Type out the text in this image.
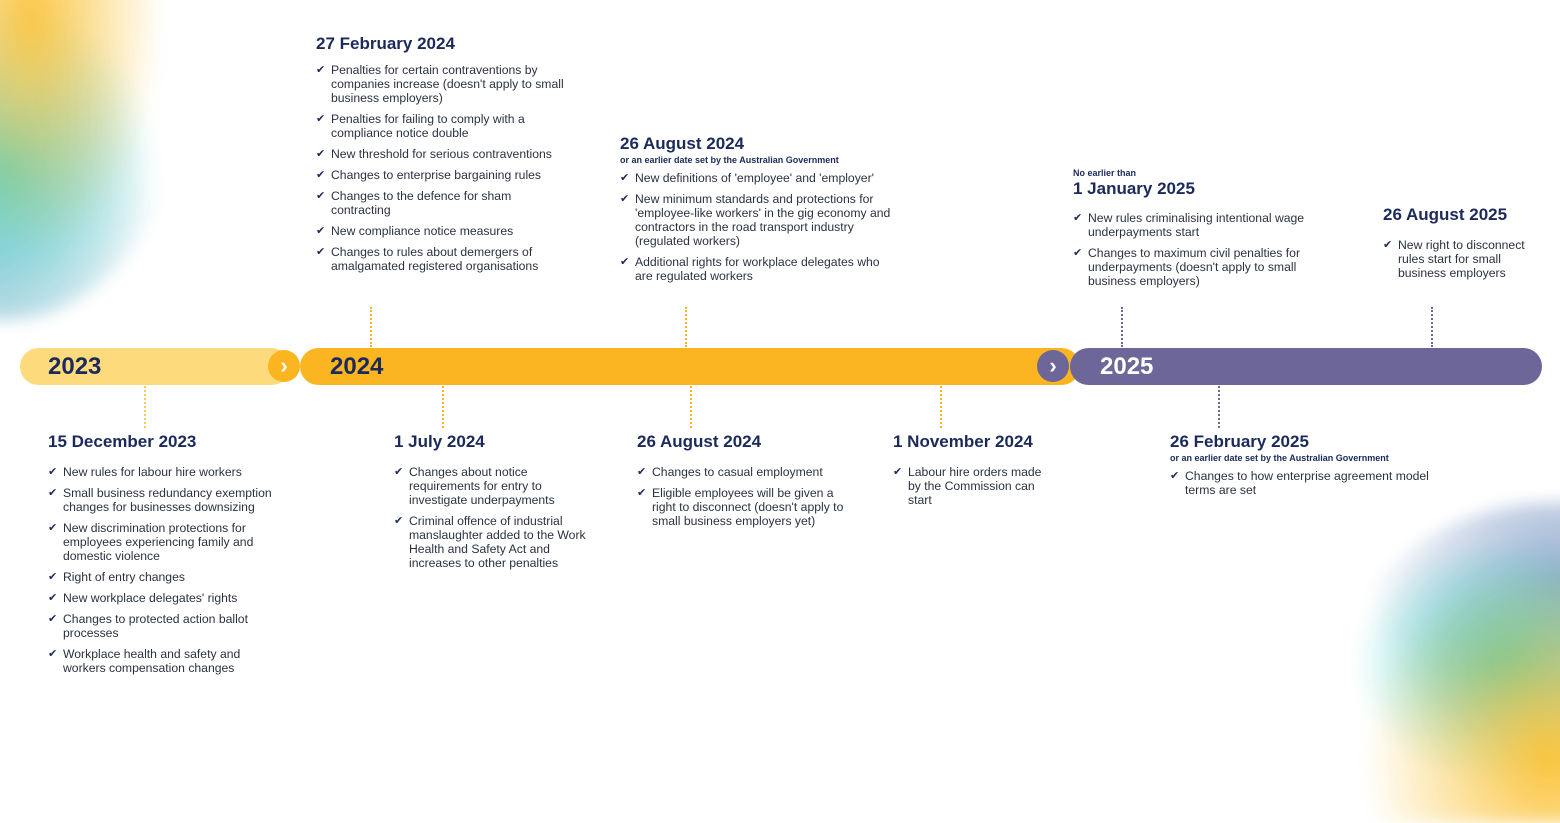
2024
2023	2025
›	›
27 February 2024
✔ Penalties for certain contraventions by companies increase (doesn't apply to small business employers)
✔ Penalties for failing to comply with a compliance notice double
✔ New threshold for serious contraventions
✔ Changes to enterprise bargaining rules
✔ Changes to the defence for sham contracting
✔ New compliance notice measures
✔ Changes to rules about demergers of amalgamated registered organisations
26 August 2024
or an earlier date set by the Australian Government
✔ New definitions of 'employee' and 'employer'
✔ New minimum standards and protections for 'employee-like workers' in the gig economy and contractors in the road transport industry (regulated workers)
✔ Additional rights for workplace delegates who are regulated workers
No earlier than
1 January 2025
✔ New rules criminalising intentional wage underpayments start
✔ Changes to maximum civil penalties for underpayments (doesn't apply to small business employers)
26 August 2025
✔ New right to disconnect rules start for small business employers
15 December 2023
✔ New rules for labour hire workers
✔ Small business redundancy exemption changes for businesses downsizing
✔ New discrimination protections for employees experiencing family and domestic violence
✔ Right of entry changes
✔ New workplace delegates' rights
✔ Changes to protected action ballot processes
✔ Workplace health and safety and workers compensation changes
1 July 2024
✔ Changes about notice requirements for entry to investigate underpayments
✔ Criminal offence of industrial manslaughter added to the Work Health and Safety Act and increases to other penalties
26 August 2024
✔ Changes to casual employment
✔ Eligible employees will be given a right to disconnect (doesn't apply to small business employers yet)
1 November 2024
✔ Labour hire orders made by the Commission can start
26 February 2025
or an earlier date set by the Australian Government
✔ Changes to how enterprise agreement model terms are set
